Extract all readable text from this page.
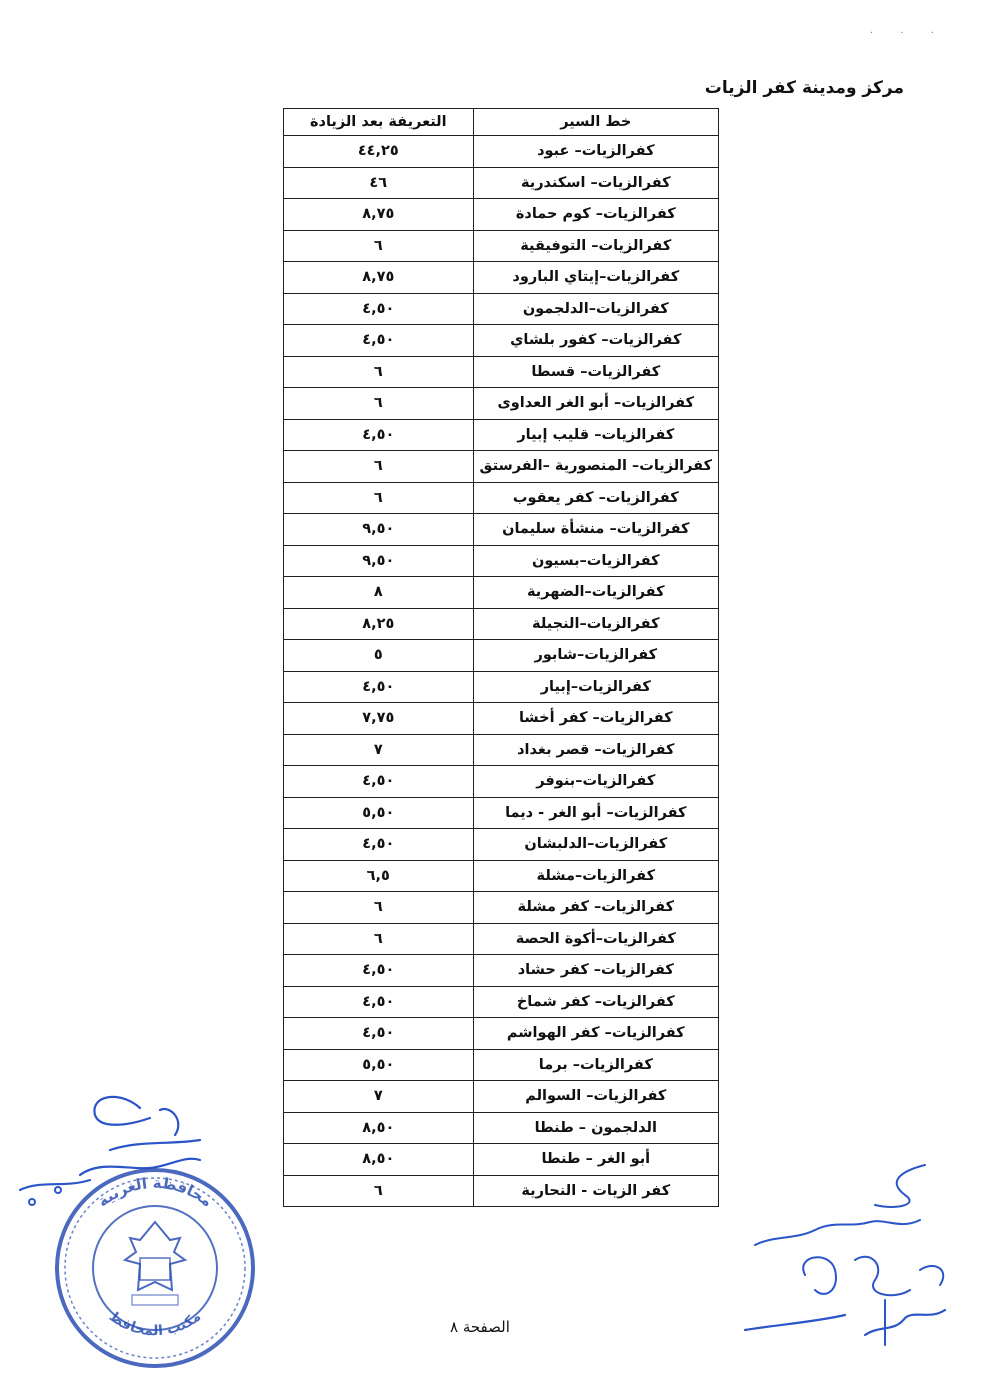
· · ·
مركز ومدينة كفر الزيات
خط السير	التعريفة بعد الزيادة
كفرالزيات– عبود	٤٤,٢٥
كفرالزيات– اسكندرية	٤٦
كفرالزيات– كوم حمادة	٨,٧٥
كفرالزيات– التوفيقية	٦
كفرالزيات–إيتاي البارود	٨,٧٥
كفرالزيات–الدلجمون	٤,٥٠
كفرالزيات– كفور بلشاي	٤,٥٠
كفرالزيات– قسطا	٦
كفرالزيات– أبو الغر العداوى	٦
كفرالزيات– قليب إبيار	٤,٥٠
كفرالزيات– المنصورية –الفرستق	٦
كفرالزيات– كفر يعقوب	٦
كفرالزيات– منشأة سليمان	٩,٥٠
كفرالزيات–بسيون	٩,٥٠
كفرالزيات–الضهرية	٨
كفرالزيات–النجيلة	٨,٢٥
كفرالزيات–شابور	٥
كفرالزيات–إبيار	٤,٥٠
كفرالزيات– كفر أخشا	٧,٧٥
كفرالزيات– قصر بغداد	٧
كفرالزيات–بنوفر	٤,٥٠
كفرالزيات– أبو الغر - ديما	٥,٥٠
كفرالزيات–الدلبشان	٤,٥٠
كفرالزيات–مشلة	٦,٥
كفرالزيات– كفر مشلة	٦
كفرالزيات–أكوة الحصة	٦
كفرالزيات– كفر حشاد	٤,٥٠
كفرالزيات– كفر شماخ	٤,٥٠
كفرالزيات– كفر الهواشم	٤,٥٠
كفرالزيات– برما	٥,٥٠
كفرالزيات– السوالم	٧
الدلجمون – طنطا	٨,٥٠
أبو الغر – طنطا	٨,٥٠
كفر الزيات - النحارية	٦
محافظة الغربية
مكتب المحافظ
الصفحة ٨
